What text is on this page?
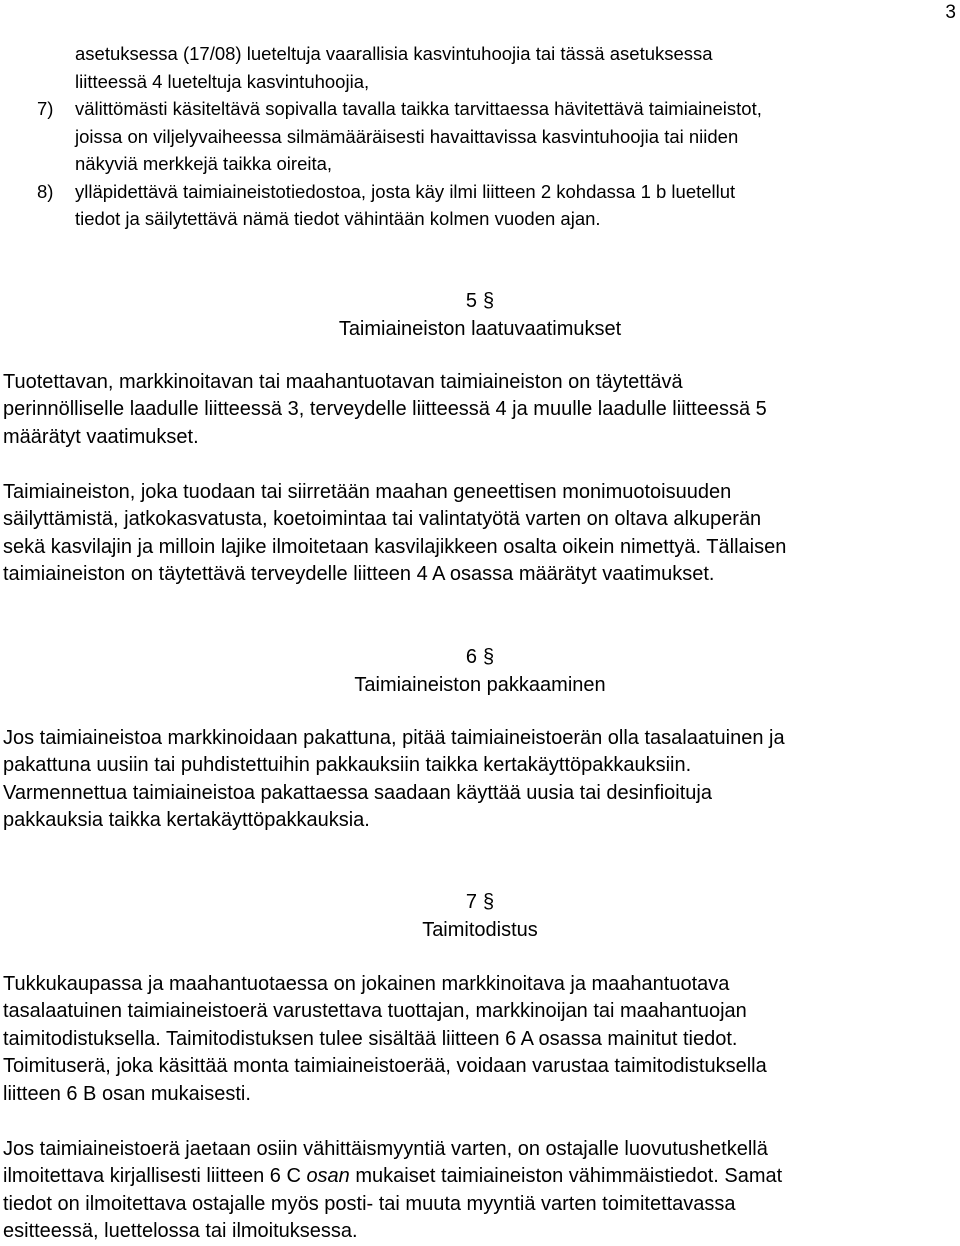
3
asetuksessa (17/08) lueteltuja vaarallisia kasvintuhoojia tai tässä asetuksessa
liitteessä 4 lueteltuja kasvintuhoojia,
7) välittömästi käsiteltävä sopivalla tavalla taikka tarvittaessa hävitettävä taimiaineistot,
joissa on viljelyvaiheessa silmämääräisesti havaittavissa kasvintuhoojia tai niiden
näkyviä merkkejä taikka oireita,
8) ylläpidettävä taimiaineistotiedostoa, josta käy ilmi liitteen 2 kohdassa 1 b luetellut
tiedot ja säilytettävä nämä tiedot vähintään kolmen vuoden ajan.
5 §
Taimiaineiston laatuvaatimukset
Tuotettavan, markkinoitavan tai maahantuotavan taimiaineiston on täytettävä
perinnölliselle laadulle liitteessä 3, terveydelle liitteessä 4 ja muulle laadulle liitteessä 5
määrätyt vaatimukset.
Taimiaineiston, joka tuodaan tai siirretään maahan geneettisen monimuotoisuuden
säilyttämistä, jatkokasvatusta, koetoimintaa tai valintatyötä varten on oltava alkuperän
sekä kasvilajin ja milloin lajike ilmoitetaan kasvilajikkeen osalta oikein nimettyä. Tällaisen
taimiaineiston on täytettävä terveydelle liitteen 4 A osassa määrätyt vaatimukset.
6 §
Taimiaineiston pakkaaminen
Jos taimiaineistoa markkinoidaan pakattuna, pitää taimiaineistoerän olla tasalaatuinen ja
pakattuna uusiin tai puhdistettuihin pakkauksiin taikka kertakäyttöpakkauksiin.
Varmennettua taimiaineistoa pakattaessa saadaan käyttää uusia tai desinfioituja
pakkauksia taikka kertakäyttöpakkauksia.
7 §
Taimitodistus
Tukkukaupassa ja maahantuotaessa on jokainen markkinoitava ja maahantuotava
tasalaatuinen taimiaineistoerä varustettava tuottajan, markkinoijan tai maahantuojan
taimitodistuksella. Taimitodistuksen tulee sisältää liitteen 6 A osassa mainitut tiedot.
Toimituserä, joka käsittää monta taimiaineistoerää, voidaan varustaa taimitodistuksella
liitteen 6 B osan mukaisesti.
Jos taimiaineistoerä jaetaan osiin vähittäismyyntiä varten, on ostajalle luovutushetkellä
ilmoitettava kirjallisesti liitteen 6 C osan mukaiset taimiaineiston vähimmäistiedot. Samat
tiedot on ilmoitettava ostajalle myös posti- tai muuta myyntiä varten toimitettavassa
esitteessä, luettelossa tai ilmoituksessa.
